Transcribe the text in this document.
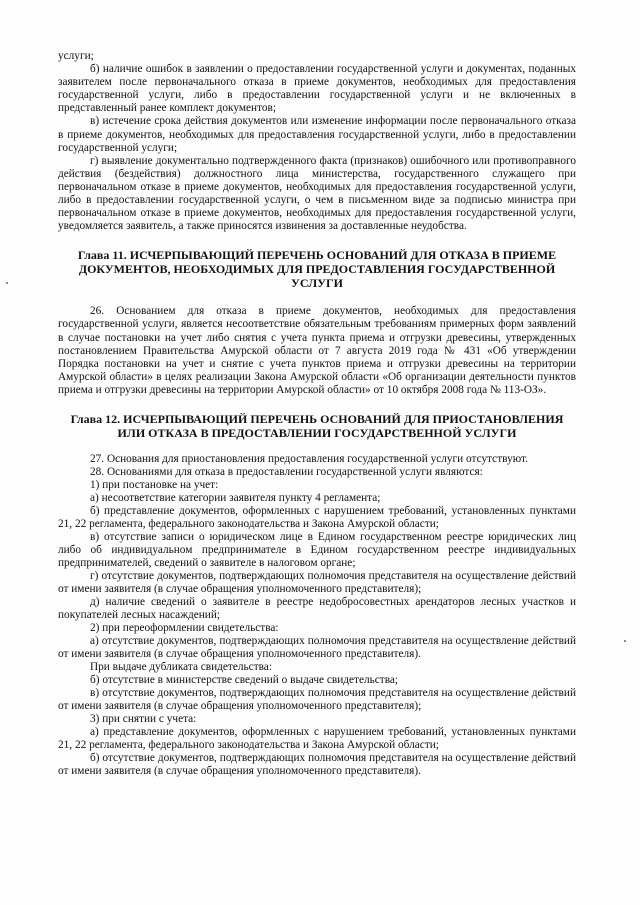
услуги;

б) наличие ошибок в заявлении о предоставлении государственной услуги и документах, поданных заявителем после первоначального отказа в приеме документов, необходимых для предоставления государственной услуги, либо в предоставлении государственной услуги и не включенных в представленный ранее комплект документов;

в) истечение срока действия документов или изменение информации после первоначального отказа в приеме документов, необходимых для предоставления государственной услуги, либо в предоставлении государственной услуги;

г) выявление документально подтвержденного факта (признаков) ошибочного или противоправного действия (бездействия) должностного лица министерства, государственного служащего при первоначальном отказе в приеме документов, необходимых для предоставления государственной услуги, либо в предоставлении государственной услуги, о чем в письменном виде за подписью министра при первоначальном отказе в приеме документов, необходимых для предоставления государственной услуги, уведомляется заявитель, а также приносятся извинения за доставленные неудобства.

Глава 11. ИСЧЕРПЫВАЮЩИЙ ПЕРЕЧЕНЬ ОСНОВАНИЙ ДЛЯ ОТКАЗА В ПРИЕМЕ ДОКУМЕНТОВ, НЕОБХОДИМЫХ ДЛЯ ПРЕДОСТАВЛЕНИЯ ГОСУДАРСТВЕННОЙ УСЛУГИ

26. Основанием для отказа в приеме документов, необходимых для предоставления государственной услуги, является несоответствие обязательным требованиям примерных форм заявлений в случае постановки на учет либо снятия с учета пункта приема и отгрузки древесины, утвержденных постановлением Правительства Амурской области от 7 августа 2019 года № 431 «Об утверждении Порядка постановки на учет и снятие с учета пунктов приема и отгрузки древесины на территории Амурской области» в целях реализации Закона Амурской области «Об организации деятельности пунктов приема и отгрузки древесины на территории Амурской области» от 10 октября 2008 года № 113-ОЗ».

Глава 12. ИСЧЕРПЫВАЮЩИЙ ПЕРЕЧЕНЬ ОСНОВАНИЙ ДЛЯ ПРИОСТАНОВЛЕНИЯ ИЛИ ОТКАЗА В ПРЕДОСТАВЛЕНИИ ГОСУДАРСТВЕННОЙ УСЛУГИ

27. Основания для приостановления предоставления государственной услуги отсутствуют.

28. Основаниями для отказа в предоставлении государственной услуги являются:

1) при постановке на учет:

а) несоответствие категории заявителя пункту 4 регламента;

б) представление документов, оформленных с нарушением требований, установленных пунктами 21, 22 регламента, федерального законодательства и Закона Амурской области;

в) отсутствие записи о юридическом лице в Едином государственном реестре юридических лиц либо об индивидуальном предпринимателе в Едином государственном реестре индивидуальных предпринимателей, сведений о заявителе в налоговом органе;

г) отсутствие документов, подтверждающих полномочия представителя на осуществление действий от имени заявителя (в случае обращения уполномоченного представителя);

д) наличие сведений о заявителе в реестре недобросовестных арендаторов лесных участков и покупателей лесных насаждений;

2) при переоформлении свидетельства:

а) отсутствие документов, подтверждающих полномочия представителя на осуществление действий от имени заявителя (в случае обращения уполномоченного представителя).

При выдаче дубликата свидетельства:

б) отсутствие в министерстве сведений о выдаче свидетельства;

в) отсутствие документов, подтверждающих полномочия представителя на осуществление действий от имени заявителя (в случае обращения уполномоченного представителя);

3) при снятии с учета:

а) представление документов, оформленных с нарушением требований, установленных пунктами 21, 22 регламента, федерального законодательства и Закона Амурской области;

б) отсутствие документов, подтверждающих полномочия представителя на осуществление действий от имени заявителя (в случае обращения уполномоченного представителя).
